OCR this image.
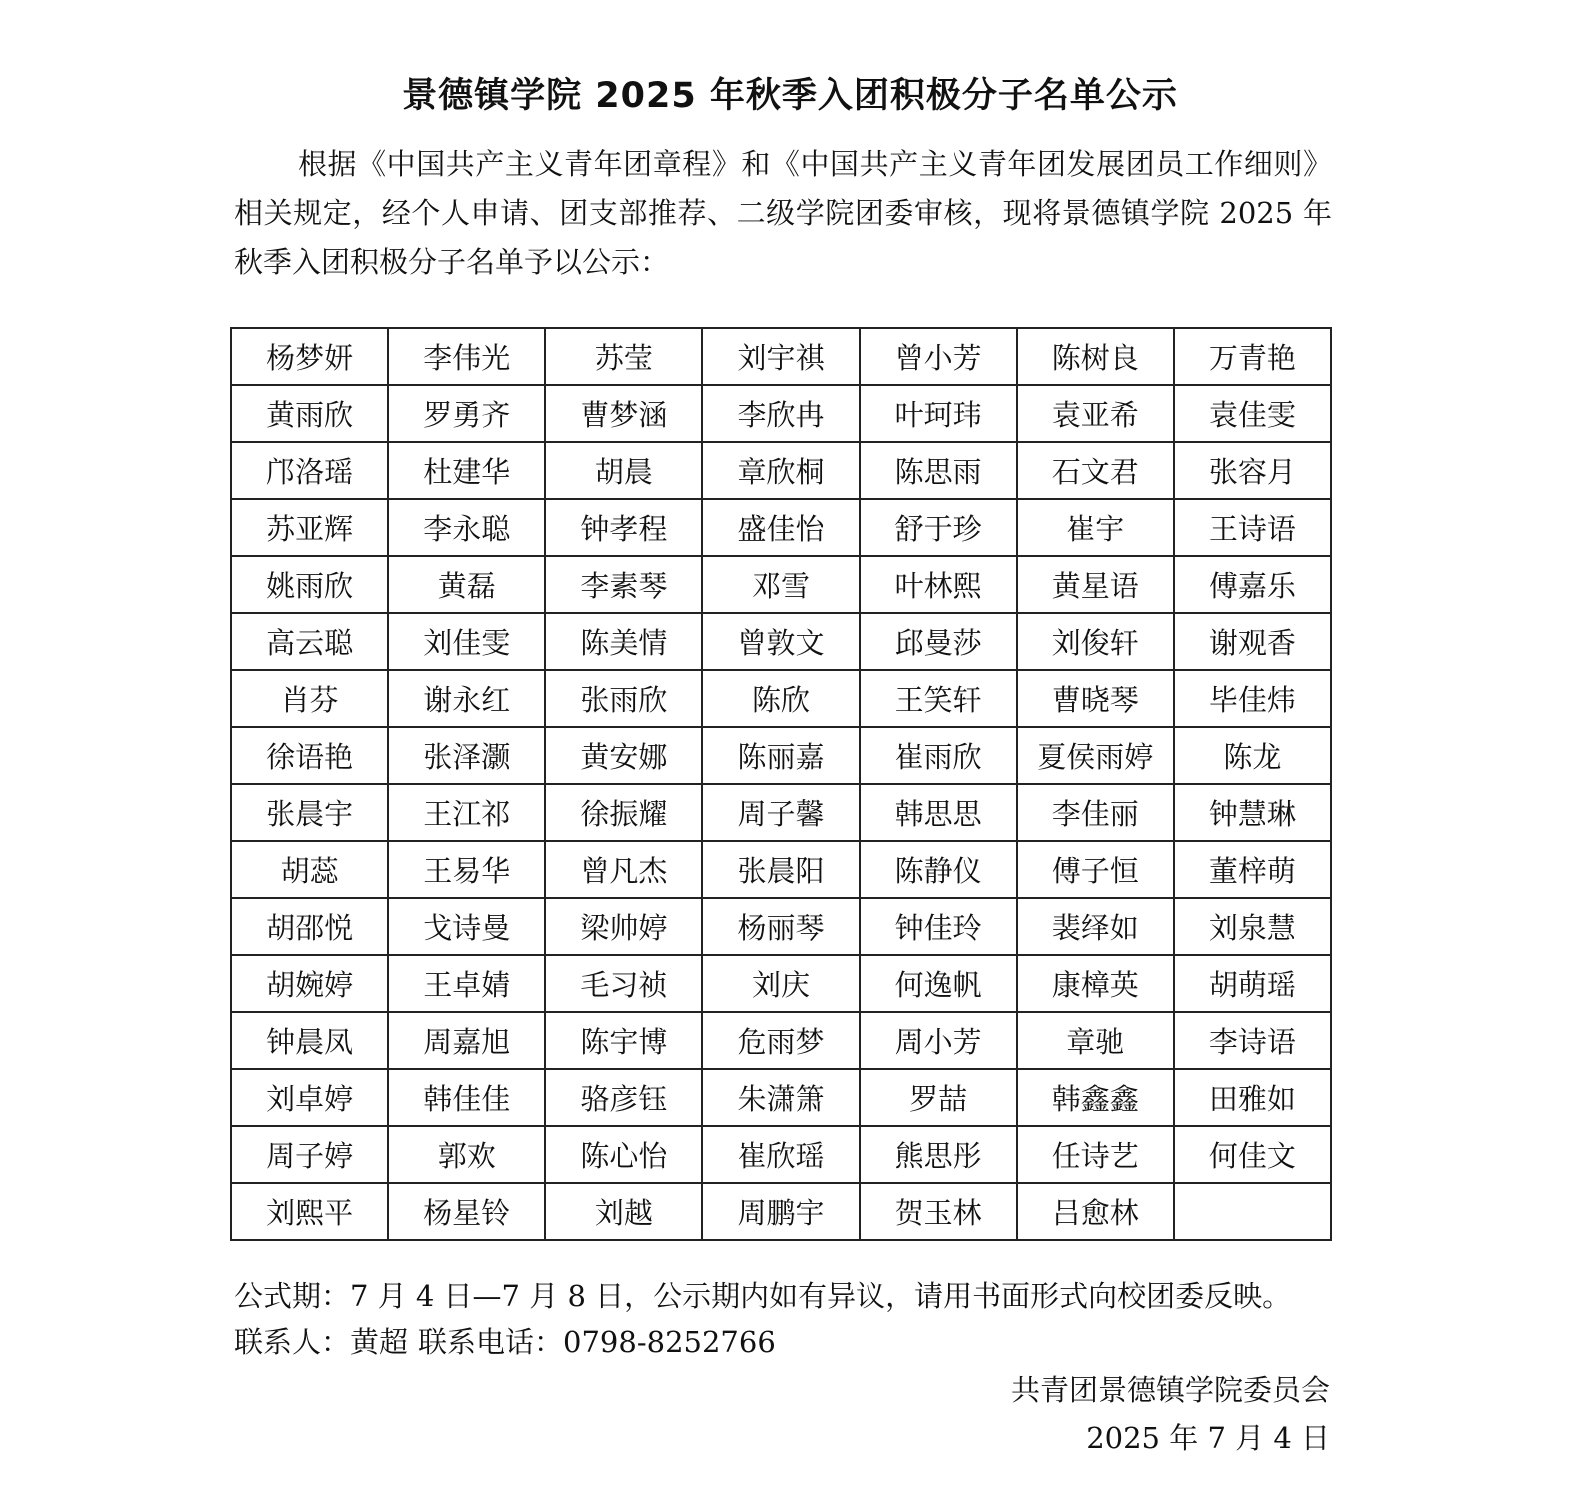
景德镇学院 2025 年秋季入团积极分子名单公示

根据《中国共产主义青年团章程》和《中国共产主义青年团发展团员工作细则》相关规定，经个人申请、团支部推荐、二级学院团委审核，现将景德镇学院 2025 年秋季入团积极分子名单予以公示：

杨梦妍	李伟光	苏莹	刘宇祺	曾小芳	陈树良	万青艳
黄雨欣	罗勇齐	曹梦涵	李欣冉	叶珂玮	袁亚希	袁佳雯
邝洛瑶	杜建华	胡晨	章欣桐	陈思雨	石文君	张容月
苏亚辉	李永聪	钟孝程	盛佳怡	舒于珍	崔宇	王诗语
姚雨欣	黄磊	李素琴	邓雪	叶林熙	黄星语	傅嘉乐
高云聪	刘佳雯	陈美情	曾敦文	邱曼莎	刘俊轩	谢观香
肖芬	谢永红	张雨欣	陈欣	王笑轩	曹晓琴	毕佳炜
徐语艳	张泽灏	黄安娜	陈丽嘉	崔雨欣	夏侯雨婷	陈龙
张晨宇	王江祁	徐振耀	周子馨	韩思思	李佳丽	钟慧琳
胡蕊	王易华	曾凡杰	张晨阳	陈静仪	傅子恒	董梓萌
胡邵悦	戈诗曼	梁帅婷	杨丽琴	钟佳玲	裴绎如	刘泉慧
胡婉婷	王卓婧	毛习祯	刘庆	何逸帆	康樟英	胡萌瑶
钟晨凤	周嘉旭	陈宇博	危雨梦	周小芳	章驰	李诗语
刘卓婷	韩佳佳	骆彦钰	朱潇箫	罗喆	韩鑫鑫	田雅如
周子婷	郭欢	陈心怡	崔欣瑶	熊思彤	任诗艺	何佳文
刘熙平	杨星铃	刘越	周鹏宇	贺玉林	吕愈林	
公式期：7 月 4 日—7 月 8 日，公示期内如有异议，请用书面形式向校团委反映。
联系人：黄超 联系电话：0798-8252766
共青团景德镇学院委员会
2025 年 7 月 4 日
